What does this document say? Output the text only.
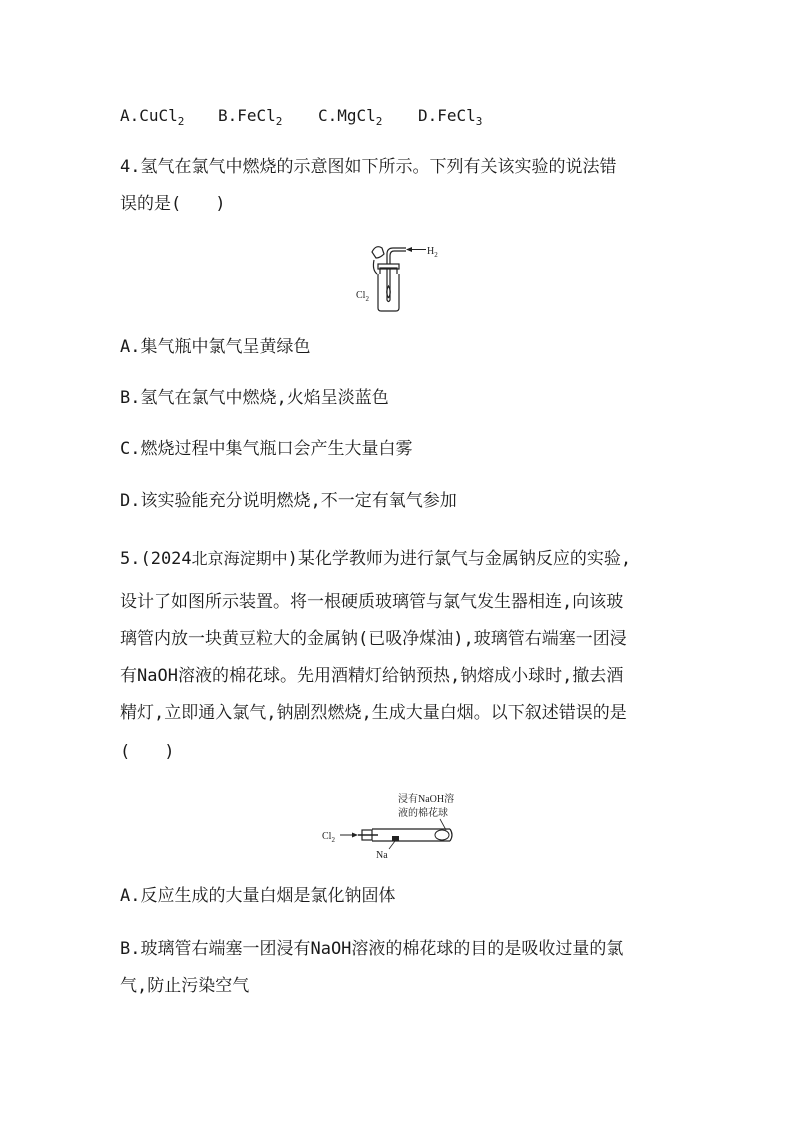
A.CuCl$_2$ B.FeCl$_2$ C.MgCl$_2$ D.FeCl$_3$
4.氢气在氯气中燃烧的示意图如下所示。下列有关该实验的说法错
误的是(　　)
$H_2$
$Cl_2$
A.集气瓶中氯气呈黄绿色
B.氢气在氯气中燃烧,火焰呈淡蓝色
C.燃烧过程中集气瓶口会产生大量白雾
D.该实验能充分说明燃烧,不一定有氧气参加
5.(2024北京海淀期中)某化学教师为进行氯气与金属钠反应的实验,
设计了如图所示装置。将一根硬质玻璃管与氯气发生器相连,向该玻
璃管内放一块黄豆粒大的金属钠(已吸净煤油),玻璃管右端塞一团浸
有NaOH溶液的棉花球。先用酒精灯给钠预热,钠熔成小球时,撤去酒
精灯,立即通入氯气,钠剧烈燃烧,生成大量白烟。以下叙述错误的是
(　　)
浸有NaOH溶
液的棉花球
$Cl_2$
Na
A.反应生成的大量白烟是氯化钠固体
B.玻璃管右端塞一团浸有NaOH溶液的棉花球的目的是吸收过量的氯
气,防止污染空气
